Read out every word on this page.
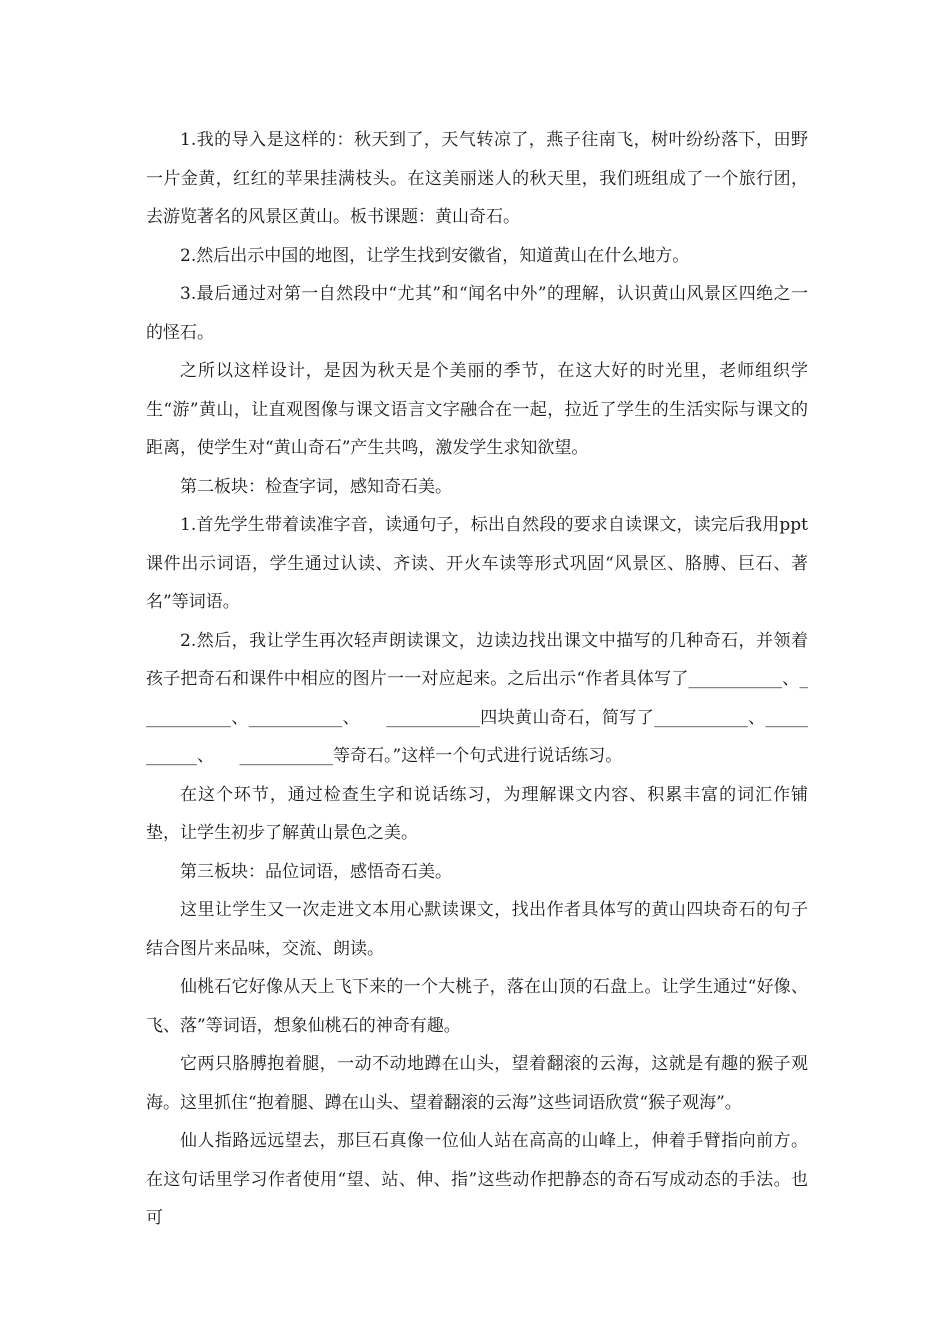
1.我的导入是这样的：秋天到了，天气转凉了，燕子往南飞，树叶纷纷落下，田野一片金黄，红红的苹果挂满枝头。在这美丽迷人的秋天里，我们班组成了一个旅行团，去游览著名的风景区黄山。板书课题：黄山奇石。

2.然后出示中国的地图，让学生找到安徽省，知道黄山在什么地方。

3.最后通过对第一自然段中“尤其”和“闻名中外”的理解，认识黄山风景区四绝之一的怪石。

之所以这样设计，是因为秋天是个美丽的季节，在这大好的时光里，老师组织学生“游”黄山，让直观图像与课文语言文字融合在一起，拉近了学生的生活实际与课文的距离，使学生对“黄山奇石”产生共鸣，激发学生求知欲望。

第二板块：检查字词，感知奇石美。

1.首先学生带着读准字音，读通句子，标出自然段的要求自读课文，读完后我用ppt课件出示词语，学生通过认读、齐读、开火车读等形式巩固“风景区、胳膊、巨石、著名”等词语。

2.然后，我让学生再次轻声朗读课文，边读边找出课文中描写的几种奇石，并领着孩子把奇石和课件中相应的图片一一对应起来。之后出示“作者具体写了___________、___________、___________、　　___________四块黄山奇石，简写了___________、___________、　　___________等奇石。”这样一个句式进行说话练习。

在这个环节，通过检查生字和说话练习，为理解课文内容、积累丰富的词汇作铺垫，让学生初步了解黄山景色之美。

第三板块：品位词语，感悟奇石美。

这里让学生又一次走进文本用心默读课文，找出作者具体写的黄山四块奇石的句子结合图片来品味，交流、朗读。

仙桃石它好像从天上飞下来的一个大桃子，落在山顶的石盘上。让学生通过“好像、飞、落”等词语，想象仙桃石的神奇有趣。

它两只胳膊抱着腿，一动不动地蹲在山头，望着翻滚的云海，这就是有趣的猴子观海。这里抓住“抱着腿、蹲在山头、望着翻滚的云海”这些词语欣赏“猴子观海”。

仙人指路远远望去，那巨石真像一位仙人站在高高的山峰上，伸着手臂指向前方。在这句话里学习作者使用“望、站、伸、指”这些动作把静态的奇石写成动态的手法。也可
